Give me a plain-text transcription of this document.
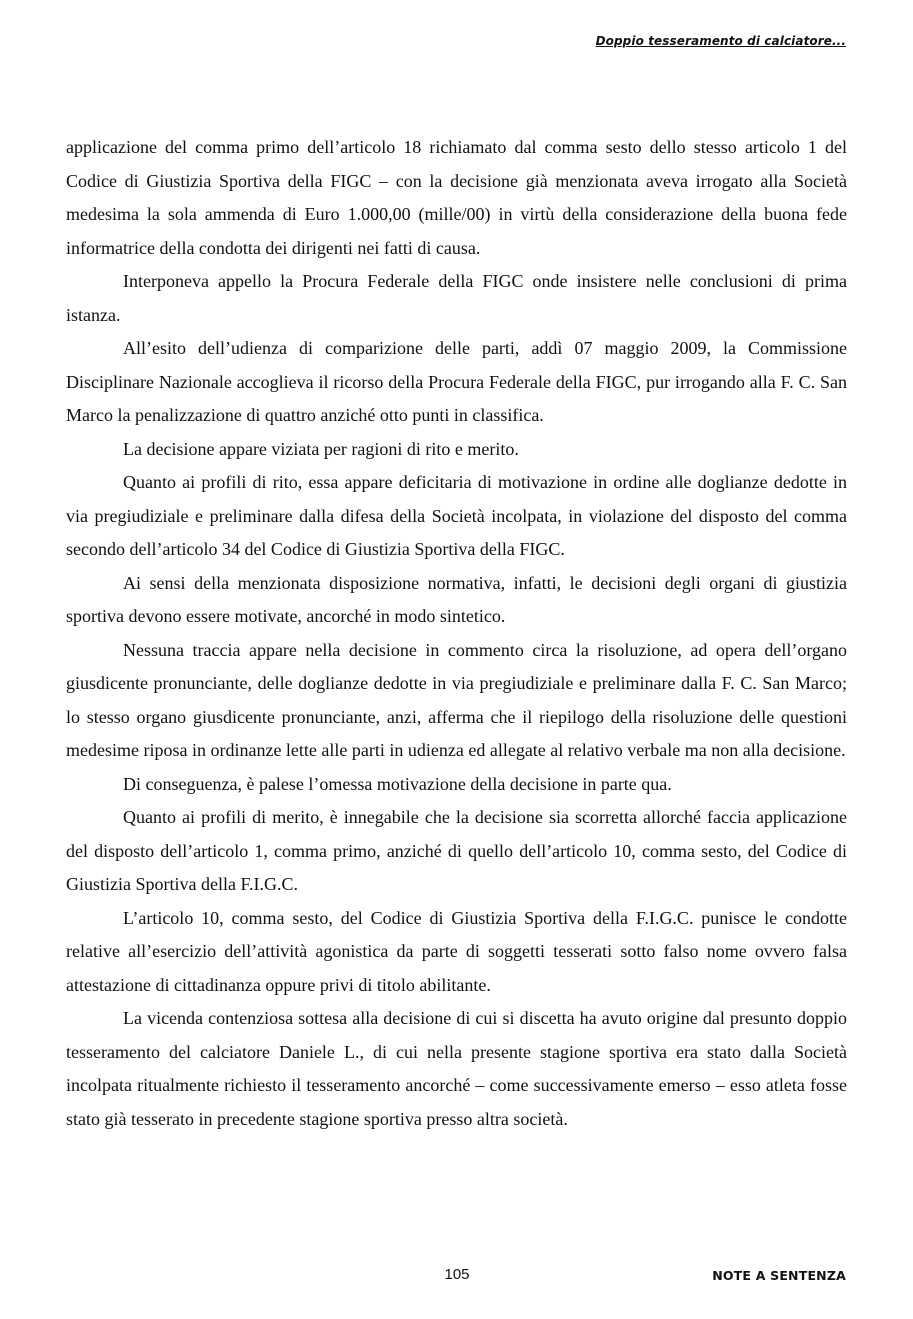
Doppio tesseramento di calciatore...

applicazione del comma primo dell’articolo 18 richiamato dal comma sesto dello stesso articolo 1 del Codice di Giustizia Sportiva della FIGC – con la decisione già menzionata aveva irrogato alla Società medesima la sola ammenda di Euro 1.000,00 (mille/00) in virtù della considerazione della buona fede informatrice della condotta dei dirigenti nei fatti di causa.

Interponeva appello la Procura Federale della FIGC onde insistere nelle conclusioni di prima istanza.

All’esito dell’udienza di comparizione delle parti, addì 07 maggio 2009, la Commissione Disciplinare Nazionale accoglieva il ricorso della Procura Federale della FIGC, pur irrogando alla F. C. San Marco la penalizzazione di quattro anziché otto punti in classifica.

La decisione appare viziata per ragioni di rito e merito.

Quanto ai profili di rito, essa appare deficitaria di motivazione in ordine alle doglianze dedotte in via pregiudiziale e preliminare dalla difesa della Società incolpata, in violazione del disposto del comma secondo dell’articolo 34 del Codice di Giustizia Sportiva della FIGC.

Ai sensi della menzionata disposizione normativa, infatti, le decisioni degli organi di giustizia sportiva devono essere motivate, ancorché in modo sintetico.

Nessuna traccia appare nella decisione in commento circa la risoluzione, ad opera dell’organo giusdicente pronunciante, delle doglianze dedotte in via pregiudiziale e preliminare dalla F. C. San Marco; lo stesso organo giusdicente pronunciante, anzi, afferma che il riepilogo della risoluzione delle questioni medesime riposa in ordinanze lette alle parti in udienza ed allegate al relativo verbale ma non alla decisione.

Di conseguenza, è palese l’omessa motivazione della decisione in parte qua.

Quanto ai profili di merito, è innegabile che la decisione sia scorretta allorché faccia applicazione del disposto dell’articolo 1, comma primo, anziché di quello dell’articolo 10, comma sesto, del Codice di Giustizia Sportiva della F.I.G.C.

L’articolo 10, comma sesto, del Codice di Giustizia Sportiva della F.I.G.C. punisce le condotte relative all’esercizio dell’attività agonistica da parte di soggetti tesserati sotto falso nome ovvero falsa attestazione di cittadinanza oppure privi di titolo abilitante.

La vicenda contenziosa sottesa alla decisione di cui si discetta ha avuto origine dal presunto doppio tesseramento del calciatore Daniele L., di cui nella presente stagione sportiva era stato dalla Società incolpata ritualmente richiesto il tesseramento ancorché – come successivamente emerso – esso atleta fosse stato già tesserato in precedente stagione sportiva presso altra società.

105	NOTE A SENTENZA
